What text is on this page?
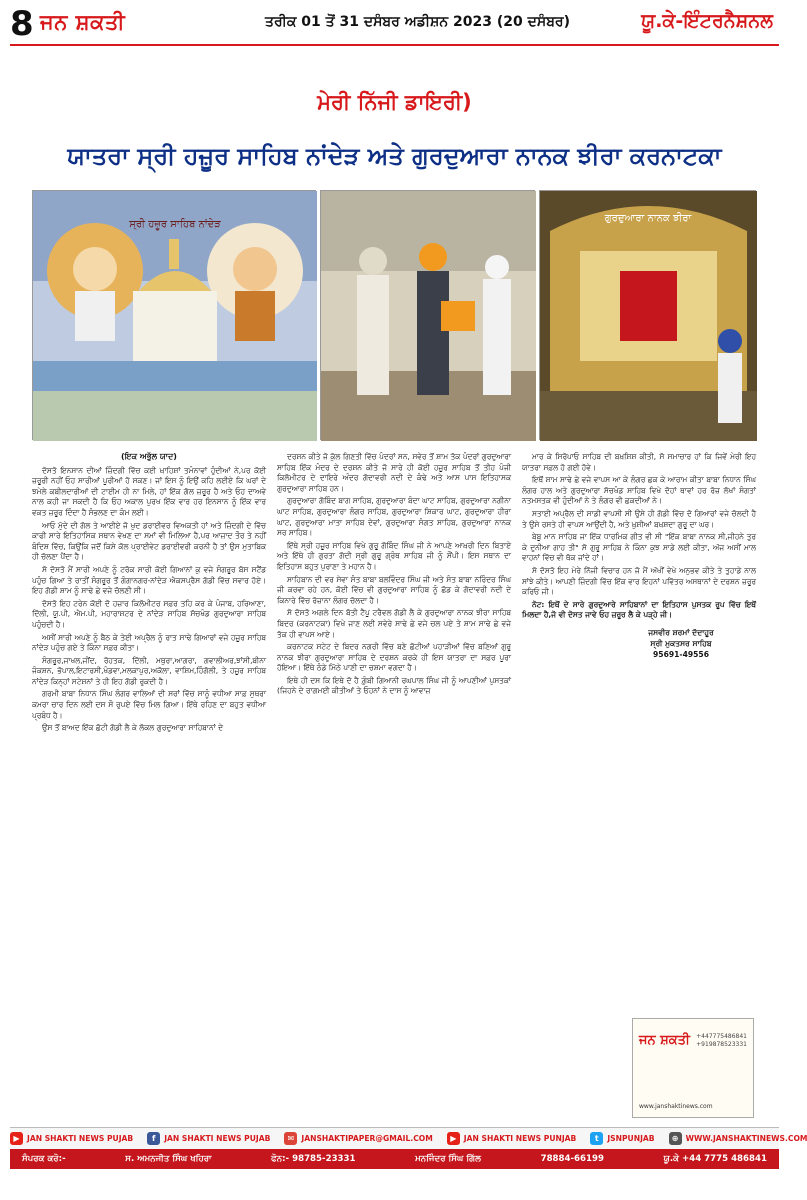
8 ਜਨ ਸ਼ਕਤੀ	ਤਰੀਕ 01 ਤੋਂ 31 ਦਸੰਬਰ ਅਡੀਸ਼ਨ 2023 (20 ਦਸੰਬਰ)	ਯੂ.ਕੇ-ਇੰਟਰਨੈਸ਼ਨਲ
ਮੇਰੀ ਨਿੱਜੀ ਡਾਇਰੀ)
ਯਾਤਰਾ ਸ੍ਰੀ ਹਜ਼ੂਰ ਸਾਹਿਬ ਨਾਂਦੇੜ ਅਤੇ ਗੁਰਦੁਆਰਾ ਨਾਨਕ ਝੀਰਾ ਕਰਨਾਟਕਾ
ਸ੍ਰੀ ਹਜ਼ੂਰ ਸਾਹਿਬ ਨਾਂਦੇੜ
ਗੁਰਦੁਆਰਾ ਨਾਨਕ ਝੀਰਾ
(ਇਕ ਅਭੁੱਲ ਯਾਦ)

ਦੋਸਤੋ ਇਨਸਾਨ ਦੀਆਂ ਜ਼ਿੰਦਗੀ ਵਿੱਚ ਕਈ ਖ਼ਾਹਿਸ਼ਾਂ ਤਮੰਨਾਵਾਂ ਹੁੰਦੀਆਂ ਨੇ,ਪਰ ਕੋਈ ਜ਼ਰੂਰੀ ਨਹੀਂ ਓਹ ਸਾਰੀਆਂ ਪੂਰੀਆਂ ਹੋ ਸਕਣ। ਜਾਂ ਇਸ ਨੂੰ ਇਉਂ ਕਹਿ ਲਈਏ ਕਿ ਘਰਾਂ ਦੇ ਝਮੇਲੇ ਕਬੀਲਦਾਰੀਆਂ ਦੀ ਟਾਈਮ ਹੀ ਨਾ ਮਿਲੇ, ਹਾਂ ਇੱਕ ਗੱਲ ਜ਼ਰੂਰ ਹੈ ਅਤੇ ਓਹ ਦਾਅਵੇ ਨਾਲ ਕਹੀ ਜਾ ਸਕਦੀ ਹੈ ਕਿ ਓਹ ਅਕਾਲ ਪੁਰਖ ਇੱਕ ਵਾਰ ਹਰ ਇਨਸਾਨ ਨੂੰ ਇੱਕ ਵਾਰ ਵਕਤ ਜ਼ਰੂਰ ਦਿੰਦਾ ਹੈ ਸੰਭਲਣ ਦਾ ਕੰਮ ਲਈ।

ਆਓ ਮੁੱਦੇ ਦੀ ਗੱਲ ਤੇ ਆਈਏ ਜੋ ਖੁਦ ਡਰਾਈਵਰ ਵਿਅਕਤੀ ਹਾਂ ਅਤੇ ਜ਼ਿੰਦਗੀ ਦੇ ਵਿੱਚ ਕਾਫੀ ਸਾਰੇ ਇਤਿਹਾਸਿਕ ਸਥਾਨ ਵੇਖਣ ਦਾ ਸਮਾਂ ਵੀ ਮਿਲਿਆ ਹੈ,ਪਰ ਆਜ਼ਾਦ ਤੌਰ ਤੇ ਨਹੀਂ ਬੰਦਿਸ਼ ਵਿੱਚ, ਕਿਉਂਕਿ ਜਦੋਂ ਕਿਸੇ ਕੋਲ ਪ੍ਰਾਈਵੇਟ ਡਰਾਈਵਰੀ ਕਰਨੀ ਹੈ ਤਾਂ ਉਸ ਮੁਤਾਬਿਕ ਹੀ ਚੱਲਣਾ ਪੈਂਦਾ ਹੈ।

ਸੋ ਦੋਸਤੋ ਮੈਂ ਸਾਰੀ ਅਪਣੇ ਨੂੰ ਟਰੱਕ ਸਾਰੀ ਕੋਈ ਗਿਆਨਾਂ ਕੁ ਵਜੇ ਸੰਗਰੂਰ ਬੱਸ ਸਟੈਂਡ ਪਹੁੰਚ ਗਿਆ ਤੇ ਰਾਤੀਂ ਸੰਗਰੂਰ ਤੋਂ ਗੰਗਾਨਗਰ-ਨਾਂਦੇੜ ਐਕਸਪ੍ਰੈਸ ਗੱਡੀ ਵਿੱਚ ਸਵਾਰ ਹੋਏ। ਇਹ ਗੱਡੀ ਸ਼ਾਮ ਨੂੰ ਸਾਢੇ ਛੇ ਵਜੇ ਚੱਲਣੀ ਸੀ।

ਦੋਸਤੋ ਇਹ ਟਰੇਨ ਕੋਈ ਦੋ ਹਜ਼ਾਰ ਕਿਲੋਮੀਟਰ ਸਫ਼ਰ ਤਹਿ ਕਰ ਕੇ ਪੰਜਾਬ, ਹਰਿਆਣਾ, ਦਿੱਲੀ, ਯੂ.ਪੀ, ਐਮ.ਪੀ, ਮਹਾਰਾਸ਼ਟਰ ਦੇ ਨਾਂਦੇੜ ਸਾਹਿਬ ਸੱਚਖੰਡ ਗੁਰਦੁਆਰਾ ਸਾਹਿਬ ਪਹੁੰਚਦੀ ਹੈ।

ਅਸੀਂ ਸਾਰੀ ਅਪਣੇ ਨੂੰ ਬੈਠ ਕੇ ਤੇਈ ਅਪ੍ਰੈਲ ਨੂੰ ਰਾਤ ਸਾਢੇ ਗਿਆਰਾਂ ਵਜੇ ਹਜ਼ੂਰ ਸਾਹਿਬ ਨਾਂਦੇੜ ਪਹੁੰਚ ਗਏ ਤੇ ਕਿੰਨਾ ਸਫ਼ਰ ਕੀਤਾ।

ਸੰਗਰੂਰ,ਜਾਖਲ,ਜੀਂਦ, ਰੋਹਤਕ, ਦਿੱਲੀ, ਮਥੁਰਾ,ਆਗਰਾ, ਗਵਾਲੀਅਰ,ਝਾਂਸੀ,ਬੀਨਾ ਜੰਕਸ਼ਨ, ਭੋਪਾਲ,ਇਟਾਰਸੀ,ਖੰਡਵਾ,ਮਲਕਾਪੁਰ,ਅਕੋਲਾ, ਵਾਸ਼ਿਮ,ਹਿੰਗੋਲੀ, ਤੇ ਹਜ਼ੂਰ ਸਾਹਿਬ ਨਾਂਦੇੜ ਕਿਨ੍ਹਾਂ ਸਟੇਸ਼ਨਾਂ ਤੇ ਹੀ ਇਹ ਗੱਡੀ ਰੁਕਦੀ ਹੈ।

ਗਰਮੀ ਬਾਬਾ ਨਿਧਾਨ ਸਿੰਘ ਲੰਗਰ ਵਾਲਿਆਂ ਦੀ ਸਰਾਂ ਵਿੱਚ ਸਾਨੂੰ ਵਧੀਆ ਸਾਫ਼ ਸੁਥਰਾ ਕਮਰਾ ਚਾਰ ਦਿਨ ਲਈ ਦਸ ਸੌ ਰੁਪਏ ਵਿੱਚ ਮਿਲ ਗਿਆ। ਇੱਥੇ ਰਹਿਣ ਦਾ ਬਹੁਤ ਵਧੀਆ ਪ੍ਰਬੰਧ ਹੈ।

ਉਸ ਤੋਂ ਬਾਅਦ ਇੱਕ ਛੋਟੀ ਗੱਡੀ ਲੈ ਕੇ ਲੋਕਲ ਗੁਰਦੁਆਰਾ ਸਾਹਿਬਾਨਾਂ ਦੇ

ਦਰਸ਼ਨ ਕੀਤੇ ਜੋ ਕੁੱਲ ਗਿਣਤੀ ਵਿੱਚ ਪੰਦਰਾਂ ਸਨ, ਸਵੇਰ ਤੋਂ ਸ਼ਾਮ ਤੱਕ ਪੰਦਰਾਂ ਗੁਰਦੁਆਰਾ ਸਾਹਿਬ ਇੱਕ ਮੰਦਰ ਦੇ ਦਰਸ਼ਨ ਕੀਤੇ ਜੋ ਸਾਰੇ ਹੀ ਕੋਈ ਹਜ਼ੂਰ ਸਾਹਿਬ ਤੋਂ ਤੀਹ ਪੰਜੀ ਕਿਲੋਮੀਟਰ ਦੇ ਦਾਇਰੇ ਅੰਦਰ ਗੋਦਾਵਰੀ ਨਦੀ ਦੇ ਕੰਢੇ ਅਤੇ ਆਸ ਪਾਸ ਇਤਿਹਾਸਕ ਗੁਰਦੁਆਰਾ ਸਾਹਿਬ ਹਨ।

ਗੁਰਦੁਆਰਾ ਗੋਬਿੰਦ ਬਾਗ ਸਾਹਿਬ, ਗੁਰਦੁਆਰਾ ਬੰਦਾ ਘਾਟ ਸਾਹਿਬ, ਗੁਰਦੁਆਰਾ ਨਗੀਨਾ ਘਾਟ ਸਾਹਿਬ, ਗੁਰਦੁਆਰਾ ਲੰਗਰ ਸਾਹਿਬ, ਗੁਰਦੁਆਰਾ ਸ਼ਿਕਾਰ ਘਾਟ, ਗੁਰਦੁਆਰਾ ਹੀਰਾ ਘਾਟ, ਗੁਰਦੁਆਰਾ ਮਾਤਾ ਸਾਹਿਬ ਦੇਵਾਂ, ਗੁਰਦੁਆਰਾ ਸੰਗਤ ਸਾਹਿਬ, ਗੁਰਦੁਆਰਾ ਨਾਨਕ ਸਰ ਸਾਹਿਬ।

ਇੱਥੇ ਸ੍ਰੀ ਹਜ਼ੂਰ ਸਾਹਿਬ ਵਿਖੇ ਗੁਰੂ ਗੋਬਿੰਦ ਸਿੰਘ ਜੀ ਨੇ ਆਪਣੇ ਆਖ਼ਰੀ ਦਿਨ ਬਿਤਾਏ ਅਤੇ ਇੱਥੇ ਹੀ ਗੁਰਤਾ ਗੱਦੀ ਸ੍ਰੀ ਗੁਰੂ ਗ੍ਰੰਥ ਸਾਹਿਬ ਜੀ ਨੂੰ ਸੌਂਪੀ। ਇਸ ਸਥਾਨ ਦਾ ਇਤਿਹਾਸ ਬਹੁਤ ਪੁਰਾਣਾ ਤੇ ਮਹਾਨ ਹੈ।

ਸਾਹਿਬਾਨ ਦੀ ਵਰ ਸੇਵਾ ਸੰਤ ਬਾਬਾ ਬਲਵਿੰਦਰ ਸਿੰਘ ਜੀ ਅਤੇ ਸੰਤ ਬਾਬਾ ਨਰਿੰਦਰ ਸਿੰਘ ਜੀ ਕਰਵਾ ਰਹੇ ਹਨ, ਕੋਈ ਵਿੱਚ ਵੀ ਗੁਰਦੁਆਰਾ ਸਾਹਿਬ ਨੂੰ ਛੱਡ ਕੇ ਗੋਦਾਵਰੀ ਨਦੀ ਦੇ ਕਿਨਾਰੇ ਵਿੱਚ ਰੋਜ਼ਾਨਾ ਲੰਗਰ ਚੱਲਦਾ ਹੈ।

ਸੋ ਦੋਸਤੋ ਅਗਲੇ ਦਿਨ ਬੱਤੀ ਟੈਪੂ ਟਰੈਵਲ ਗੱਡੀ ਲੈ ਕੇ ਗੁਰਦੁਆਰਾ ਨਾਨਕ ਝੀਰਾ ਸਾਹਿਬ ਬਿਦਰ (ਕਰਨਾਟਕਾ) ਵਿਖੇ ਜਾਣ ਲਈ ਸਵੇਰੇ ਸਾਢੇ ਛੇ ਵਜੇ ਚਲ ਪਏ ਤੇ ਸ਼ਾਮ ਸਾਢੇ ਛੇ ਵਜੇ ਤੱਕ ਹੀ ਵਾਪਸ ਆਏ।

ਕਰਨਾਟਕ ਸਟੇਟ ਦੇ ਬਿਦਰ ਨਗਰੀ ਵਿੱਚ ਬਣੇ ਛੋਟੀਆਂ ਪਹਾੜੀਆਂ ਵਿੱਚ ਬਣਿਆਂ ਗੁਰੂ ਨਾਨਕ ਝੀਰਾ ਗੁਰਦੁਆਰਾ ਸਾਹਿਬ ਦੇ ਦਰਸ਼ਨ ਕਰਕੇ ਹੀ ਇਸ ਯਾਤਰਾ ਦਾ ਸਫ਼ਰ ਪੂਰਾ ਹੋਇਆ। ਇੱਥੇ ਠੰਡੇ ਮਿੱਠੇ ਪਾਣੀ ਦਾ ਚਸ਼ਮਾ ਵਗਦਾ ਹੈ।

ਇਥੇ ਹੀ ਦਸ ਕਿ ਇਥੇ ਦੋ ਹੈ ਗ਼ੁੰਬੀ ਗਿਆਨੀ ਰਘਪਾਲ ਸਿੰਘ ਜੀ ਨੂੰ ਆਪਣੀਆਂ ਪੁਸਤਕਾਂ (ਜਿਹਨੇ ਦੇ ਰਾਗਮਈ ਕੀਤੀਆਂ ਤੇ ਓਹਨਾਂ ਨੇ ਦਾਸ ਨੂੰ ਆਵਾਜ਼

ਮਾਰ ਕੇ ਸਿਰੋਪਾਓ ਸਾਹਿਬ ਦੀ ਬਖ਼ਸ਼ਿਸ਼ ਕੀਤੀ, ਸੋ ਸਮਾਚਾਰ ਹਾਂ ਕਿ ਜਿਵੇਂ ਮੇਰੀ ਇਹ ਯਾਤਰਾ ਸਫ਼ਲ ਹੋ ਗਈ ਹੋਵੇ।

ਇਥੋਂ ਸ਼ਾਮ ਸਾਢੇ ਛੇ ਵਜੇ ਵਾਪਸ ਆ ਕੇ ਲੰਗਰ ਛਕ ਕੇ ਆਰਾਮ ਕੀਤਾ ਬਾਬਾ ਨਿਧਾਨ ਸਿੰਘ ਲੰਗਰ ਹਾਲ ਅਤੇ ਗੁਰਦੁਆਰਾ ਸੱਚਖੰਡ ਸਾਹਿਬ ਵਿਖੇ ਦੋਹਾਂ ਥਾਵਾਂ ਹਰ ਰੋਜ਼ ਲੱਖਾਂ ਸੰਗਤਾਂ ਨਤਮਸਤਕ ਵੀ ਹੁੰਦੀਆਂ ਨੇ ਤੇ ਲੰਗਰ ਵੀ ਛਕਦੀਆਂ ਨੇ।

ਸਤਾਈ ਅਪ੍ਰੈਲ ਦੀ ਸਾਡੀ ਵਾਪਸੀ ਸੀ ਉਸੇ ਹੀ ਗੱਡੀ ਵਿੱਚ ਦੋ ਗਿਆਰਾਂ ਵਜੇ ਚੱਲਦੀ ਹੈ ਤੇ ਉਸੇ ਰਸਤੇ ਹੀ ਵਾਪਸ ਆਉਂਦੀ ਹੈ, ਅਤੇ ਖ਼ੁਸ਼ੀਆਂ ਬਖ਼ਸ਼ਦਾ ਗੁਰੂ ਦਾ ਘਰ।

ਬੇਬੂ ਮਾਨ ਸਾਹਿਬ ਜਾ ਇੱਕ ਧਾਰਮਿਕ ਗੀਤ ਵੀ ਸੀ "ਇੱਕ ਬਾਬਾ ਨਾਨਕ ਸੀ,ਜੀਹਨੇ ਤੁਰ ਕੇ ਦੁਨੀਆ ਗਾਹ ਤੀ" ਸੋ ਗੁਰੂ ਸਾਹਿਬ ਨੇ ਕਿੰਨਾ ਕੁਝ ਸਾਡੇ ਲਈ ਕੀਤਾ, ਅੱਜ ਅਸੀਂ ਮਾਲ ਵਾਹਨਾਂ ਵਿੱਚ ਵੀ ਥੱਕ ਜਾਂਦੇ ਹਾਂ।

ਸੋ ਦੋਸਤੋ ਇਹ ਮੇਰੇ ਨਿੱਜੀ ਵਿਚਾਰ ਹਨ ਜੋ ਮੈਂ ਅੱਖੀਂ ਵੇਖੇ ਅਨੁਭਵ ਕੀਤੇ ਤੇ ਤੁਹਾਡੇ ਨਾਲ ਸਾਂਝੇ ਕੀਤੇ। ਆਪਣੀ ਜ਼ਿੰਦਗੀ ਵਿੱਚ ਇੱਕ ਵਾਰ ਇਹਨਾਂ ਪਵਿੱਤਰ ਅਸਥਾਨਾਂ ਦੇ ਦਰਸ਼ਨ ਜ਼ਰੂਰ ਕਰਿਓ ਜੀ।

ਨੋਟ: ਇਥੋਂ ਦੇ ਸਾਰੇ ਗੁਰਦੁਆਰੇ ਸਾਹਿਬਾਨਾਂ ਦਾ ਇਤਿਹਾਸ ਪੁਸਤਕ ਰੂਪ ਵਿੱਚ ਇਥੋਂ ਮਿਲਦਾ ਹੈ,ਜੋ ਵੀ ਦੋਸਤ ਜਾਵੇ ਓਹ ਜ਼ਰੂਰ ਲੈ ਕੇ ਪੜ੍ਹੇ ਜੀ।

ਜਸਵੀਰ ਸ਼ਰਮਾਂ ਦੱਦਾਹੂਰ
ਸ੍ਰੀ ਮੁਕਤਸਰ ਸਾਹਿਬ
95691-49556
ਜਨ ਸ਼ਕਤੀ +447775486841
+919878523331
www.janshaktinews.com
▶ JAN SHAKTI NEWS PUJAB	f	JAN SHAKTI NEWS PUJAB	✉ JANSHAKTIPAPER@GMAIL.COM	▶ JAN SHAKTI NEWS PUNJAB	t	JSNPUNJAB	⊕ WWW.JANSHAKTINEWS.COM
ਸੰਪਰਕ ਕਰੋ:-	ਸ. ਅਮਨਜੀਤ ਸਿੰਘ ਖਹਿਰਾ	ਫੋਨ:- 98785-23331	ਮਨਜਿੰਦਰ ਸਿੰਘ ਗਿੱਲ	78884-66199	ਯੂ.ਕੇ +44 7775 486841
